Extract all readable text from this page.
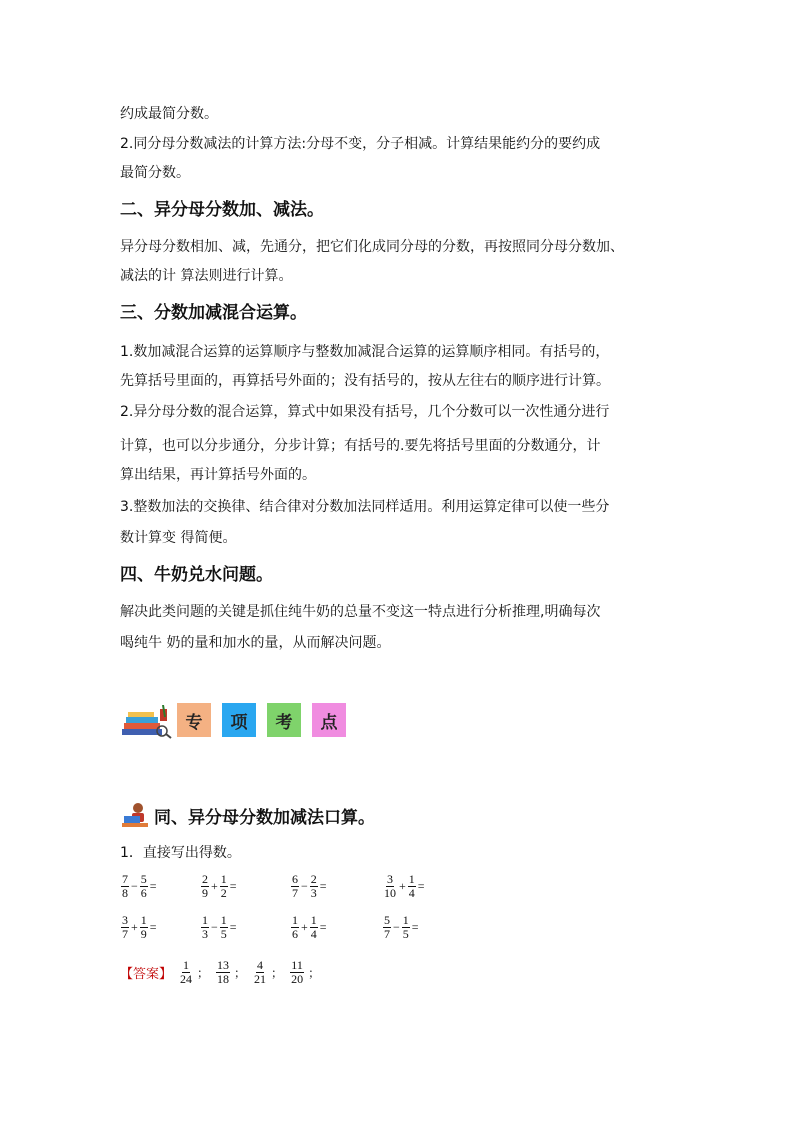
约成最简分数。

2.同分母分数减法的计算方法:分母不变，分子相减。计算结果能约分的要约成

最简分数。

二、异分母分数加、减法。

异分母分数相加、减，先通分，把它们化成同分母的分数，再按照同分母分数加、

减法的计 算法则进行计算。

三、分数加减混合运算。

1.数加减混合运算的运算顺序与整数加减混合运算的运算顺序相同。有括号的，

先算括号里面的，再算括号外面的；没有括号的，按从左往右的顺序进行计算。

2.异分母分数的混合运算，算式中如果没有括号，几个分数可以一次性通分进行

计算，也可以分步通分，分步计算；有括号的.要先将括号里面的分数通分，计

算出结果，再计算括号外面的。

3.整数加法的交换律、结合律对分数加法同样适用。利用运算定律可以使一些分

数计算变 得简便。

四、牛奶兑水问题。

解决此类问题的关键是抓住纯牛奶的总量不变这一特点进行分析推理,明确每次

喝纯牛 奶的量和加水的量，从而解决问题。

专 项 考 点
同、异分母分数加减法口算。
1．直接写出得数。
$\frac{7}{8} - \frac{5}{6}$ =	$\frac{2}{9} + \frac{1}{2}$ =	$\frac{6}{7} - \frac{2}{3}$ =	$\frac{3}{10} + \frac{1}{4}$ =
$\frac{3}{7} + \frac{1}{9}$ =	$\frac{1}{3} - \frac{1}{5}$ =	$\frac{1}{6} + \frac{1}{4}$ =	$\frac{5}{7} - \frac{1}{5}$ =
【答案】 $\frac{1}{24}$ ； $\frac{13}{18}$ ； $\frac{4}{21}$ ； $\frac{11}{20}$ ；
